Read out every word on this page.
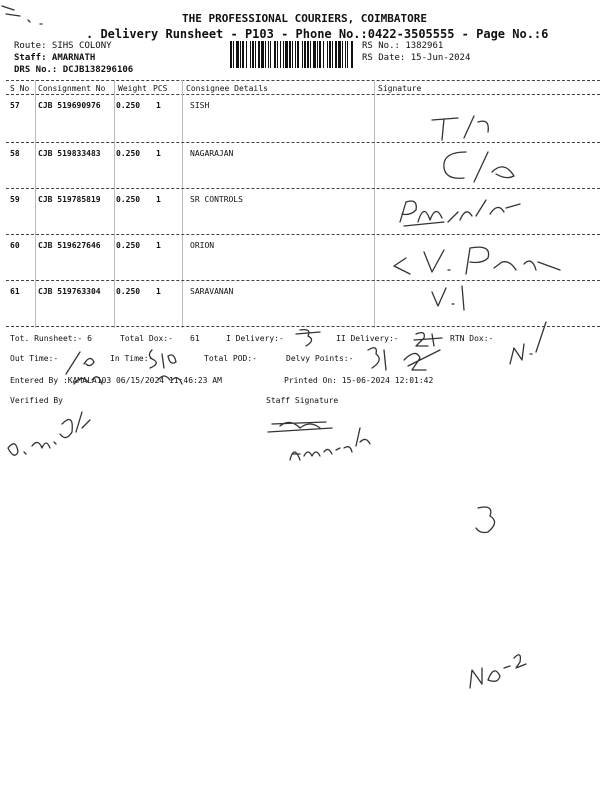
THE PROFESSIONAL COURIERS, COIMBATORE
. Delivery Runsheet - P103 - Phone No.:0422-3505555 - Page No.:6
Route: SIHS COLONY
Staff: AMARNATH
DRS No.: DCJB138296106
RS No.: 1382961
RS Date: 15-Jun-2024
S No Consignment No Weight PCS Consignee Details	Signature
57 CJB 519690976 0.250 1	SISH
58 CJB 519833483 0.250 1	NAGARAJAN
59 CJB 519785819 0.250 1	SR CONTROLS
60 CJB 519627646 0.250 1	ORION
61 CJB 519763304 0.250 1	SARAVANAN
Tot. Runsheet:- 6	Total Dox:- 61	I Delivery:-	II Delivery:-	RTN Dox:-
Out Time:-	In Time:-	Total POD:-	Delvy Points:-
Entered By :KAMALA103 06/15/2024 11:46:23 AM	Printed On: 15-06-2024 12:01:42
Verified By	Staff Signature
